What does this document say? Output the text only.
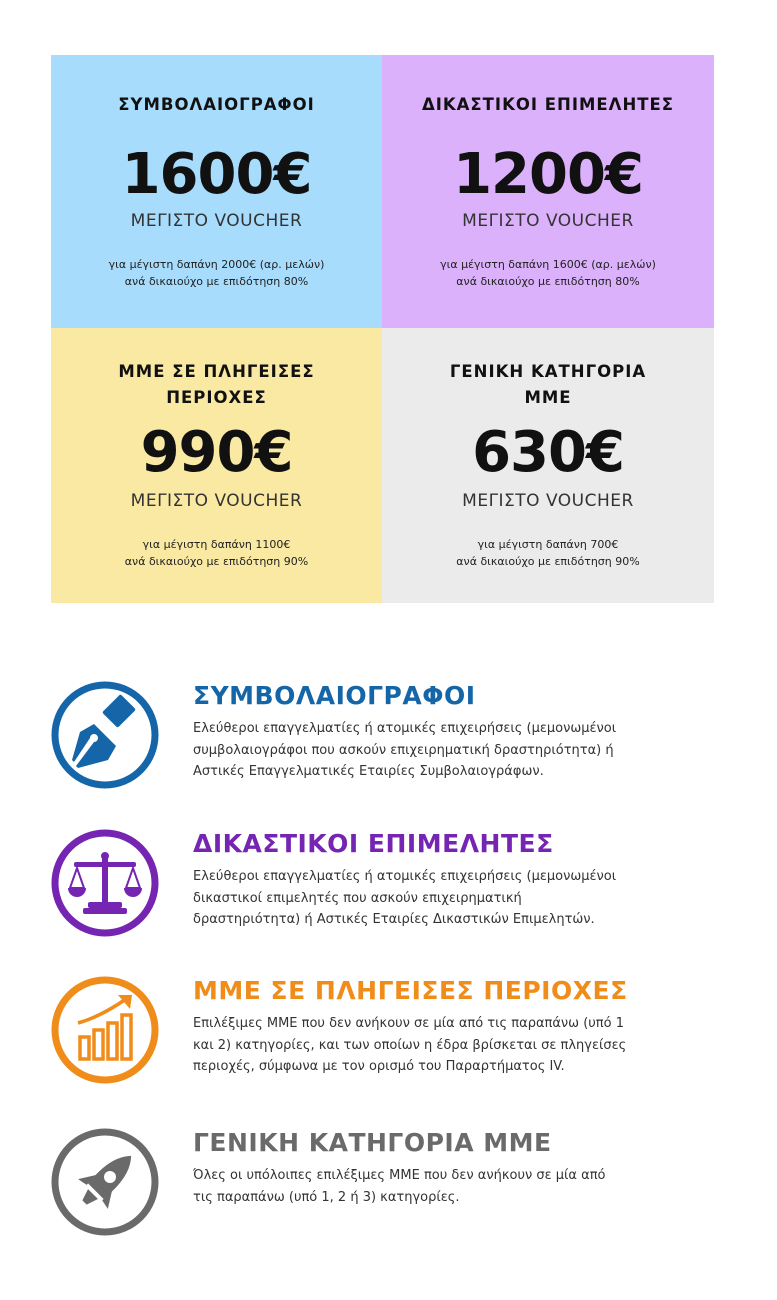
ΣΥΜΒΟΛΑΙΟΓΡΑΦΟΙ
1600€
ΜΕΓΙΣΤΟ VOUCHER
για μέγιστη δαπάνη 2000€ (αρ. μελών)
ανά δικαιούχο με επιδότηση 80%
ΔΙΚΑΣΤΙΚΟΙ ΕΠΙΜΕΛΗΤΕΣ
1200€
ΜΕΓΙΣΤΟ VOUCHER
για μέγιστη δαπάνη 1600€ (αρ. μελών)
ανά δικαιούχο με επιδότηση 80%
ΜΜΕ ΣΕ ΠΛΗΓΕΙΣΕΣ
ΠΕΡΙΟΧΕΣ
990€
ΜΕΓΙΣΤΟ VOUCHER
για μέγιστη δαπάνη 1100€
ανά δικαιούχο με επιδότηση 90%
ΓΕΝΙΚΗ ΚΑΤΗΓΟΡΙΑ
ΜΜΕ
630€
ΜΕΓΙΣΤΟ VOUCHER
για μέγιστη δαπάνη 700€
ανά δικαιούχο με επιδότηση 90%
ΣΥΜΒΟΛΑΙΟΓΡΑΦΟΙ
Ελεύθεροι επαγγελματίες ή ατομικές επιχειρήσεις (μεμονωμένοι
συμβολαιογράφοι που ασκούν επιχειρηματική δραστηριότητα) ή
Αστικές Επαγγελματικές Εταιρίες Συμβολαιογράφων.
ΔΙΚΑΣΤΙΚΟΙ ΕΠΙΜΕΛΗΤΕΣ
Ελεύθεροι επαγγελματίες ή ατομικές επιχειρήσεις (μεμονωμένοι
δικαστικοί επιμελητές που ασκούν επιχειρηματική
δραστηριότητα) ή Αστικές Εταιρίες Δικαστικών Επιμελητών.
ΜΜΕ ΣΕ ΠΛΗΓΕΙΣΕΣ ΠΕΡΙΟΧΕΣ
Επιλέξιμες ΜΜΕ που δεν ανήκουν σε μία από τις παραπάνω (υπό 1
και 2) κατηγορίες, και των οποίων η έδρα βρίσκεται σε πληγείσες
περιοχές, σύμφωνα με τον ορισμό του Παραρτήματος IV.
ΓΕΝΙΚΗ ΚΑΤΗΓΟΡΙΑ ΜΜΕ
Όλες οι υπόλοιπες επιλέξιμες ΜΜΕ που δεν ανήκουν σε μία από
τις παραπάνω (υπό 1, 2 ή 3) κατηγορίες.
